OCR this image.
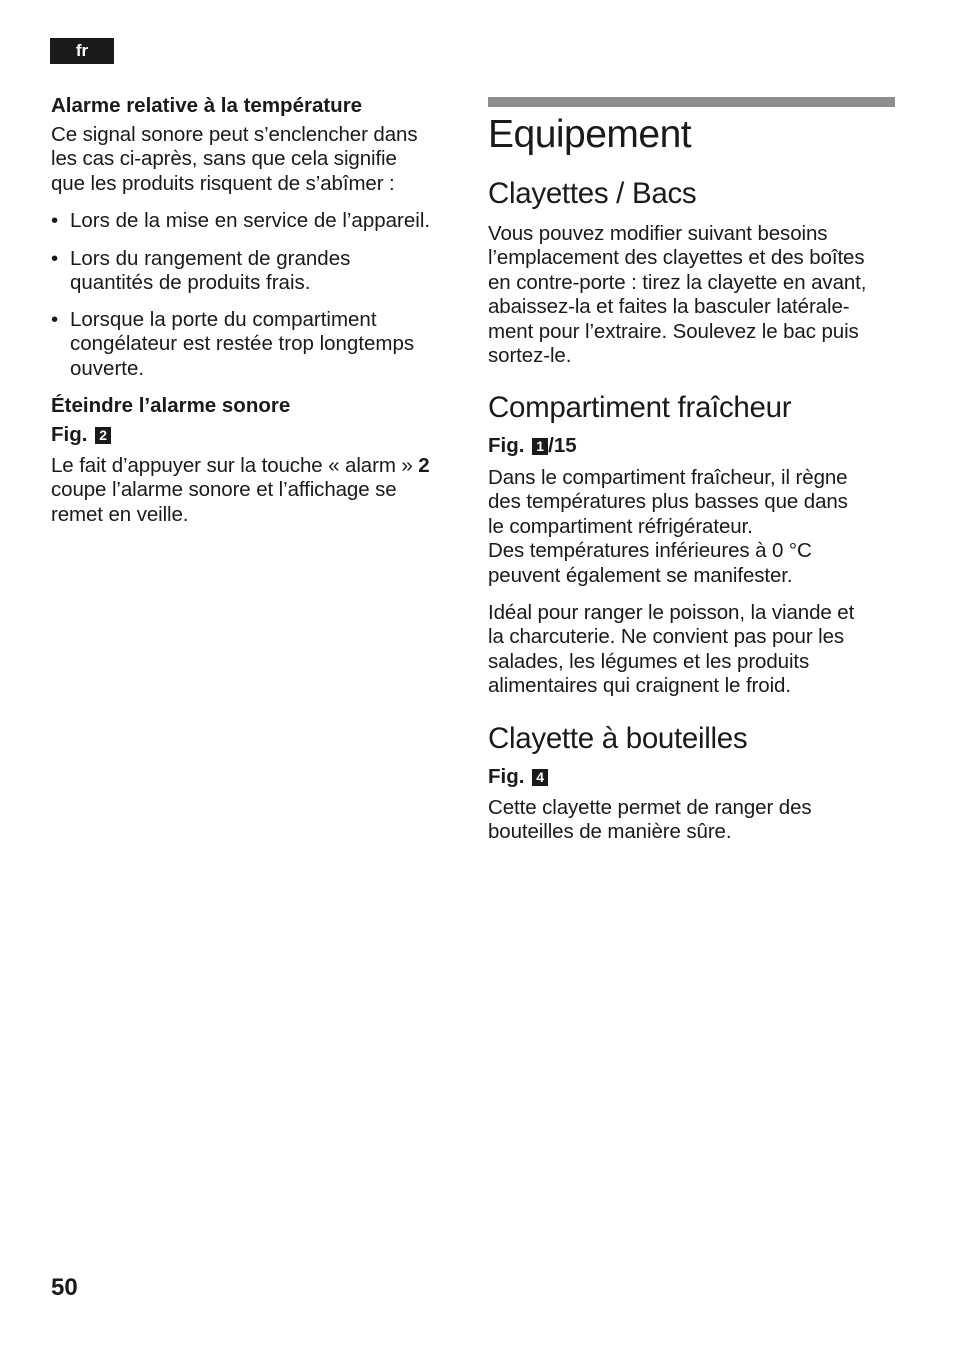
fr

Alarme relative à la température

Ce signal sonore peut s’enclencher dans

les cas ci-après, sans que cela signifie

que les produits risquent de s’abîmer :

• Lors de la mise en service de l’appareil.
• Lors du rangement de grandes
quantités de produits frais.
• Lorsque la porte du compartiment
congélateur est restée trop longtemps
ouverte.

Éteindre l’alarme sonore

Fig. 2

Le fait d’appuyer sur la touche « alarm » 2

coupe l’alarme sonore et l’affichage se

remet en veille.

Equipement
Clayettes / Bacs

Vous pouvez modifier suivant besoins

l’emplacement des clayettes et des boîtes

en contre-porte : tirez la clayette en avant,

abaissez-la et faites la basculer latérale-

ment pour l’extraire. Soulevez le bac puis

sortez-le.

Compartiment fraîcheur

Fig. 1 /15

Dans le compartiment fraîcheur, il règne

des températures plus basses que dans

le compartiment réfrigérateur.

Des températures inférieures à 0 °C

peuvent également se manifester.

Idéal pour ranger le poisson, la viande et

la charcuterie. Ne convient pas pour les

salades, les légumes et les produits

alimentaires qui craignent le froid.

Clayette à bouteilles

Fig. 4

Cette clayette permet de ranger des

bouteilles de manière sûre.

50
